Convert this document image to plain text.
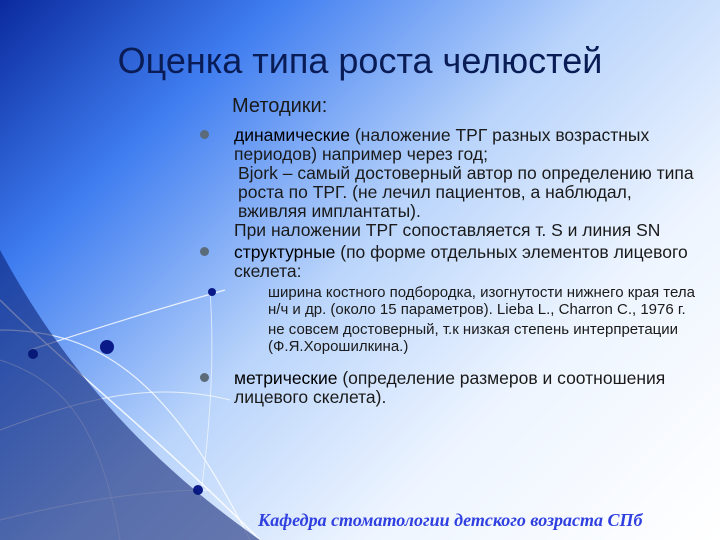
Оценка типа роста челюстей
Методики:
динамические (наложение ТРГ разных возрастных периодов) например через год;
Bjork – самый достоверный автор по определению типа роста по ТРГ. (не лечил пациентов, а наблюдал, вживляя имплантаты).
При наложении ТРГ сопоставляется т. S и линия SN
структурные (по форме отдельных элементов лицевого скелета:
ширина костного подбородка, изогнутости нижнего края тела н/ч и др. (около 15 параметров). Lieba L., Charron C., 1976 г.
не совсем достоверный, т.к низкая степень интерпретации (Ф.Я.Хорошилкина.)
метрические (определение размеров и соотношения лицевого скелета).
Кафедра стоматологии детского возраста СПб
